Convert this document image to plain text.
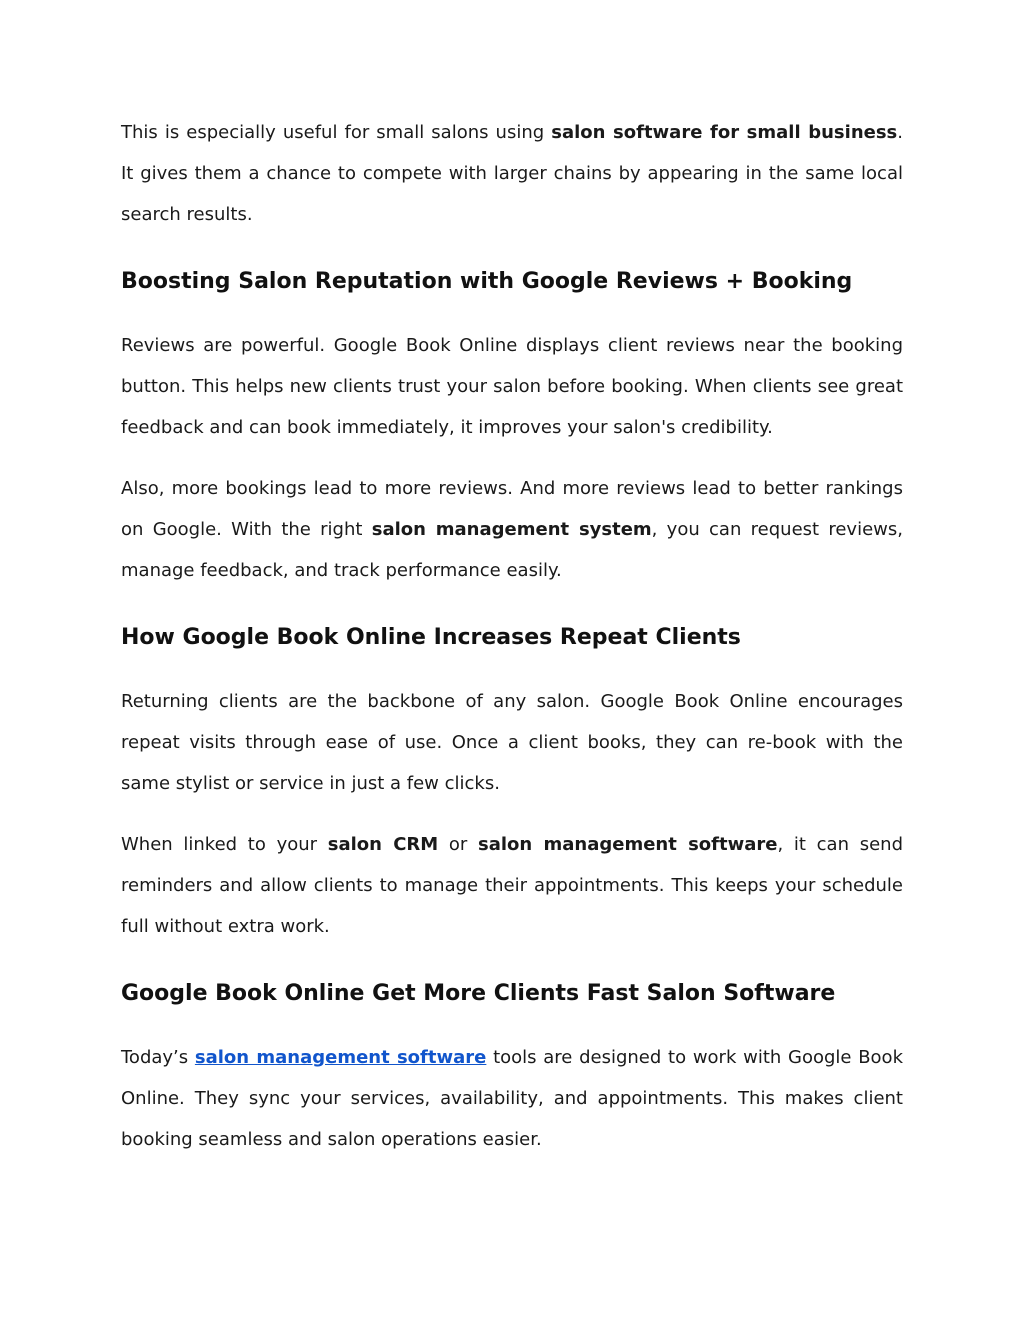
This is especially useful for small salons using salon software for small business. It gives them a chance to compete with larger chains by appearing in the same local search results.

Boosting Salon Reputation with Google Reviews + Booking

Reviews are powerful. Google Book Online displays client reviews near the booking button. This helps new clients trust your salon before booking. When clients see great feedback and can book immediately, it improves your salon's credibility.

Also, more bookings lead to more reviews. And more reviews lead to better rankings on Google. With the right salon management system, you can request reviews, manage feedback, and track performance easily.

How Google Book Online Increases Repeat Clients

Returning clients are the backbone of any salon. Google Book Online encourages repeat visits through ease of use. Once a client books, they can re-book with the same stylist or service in just a few clicks.

When linked to your salon CRM or salon management software, it can send reminders and allow clients to manage their appointments. This keeps your schedule full without extra work.

Google Book Online Get More Clients Fast Salon Software

Today’s salon management software tools are designed to work with Google Book Online. They sync your services, availability, and appointments. This makes client booking seamless and salon operations easier.
